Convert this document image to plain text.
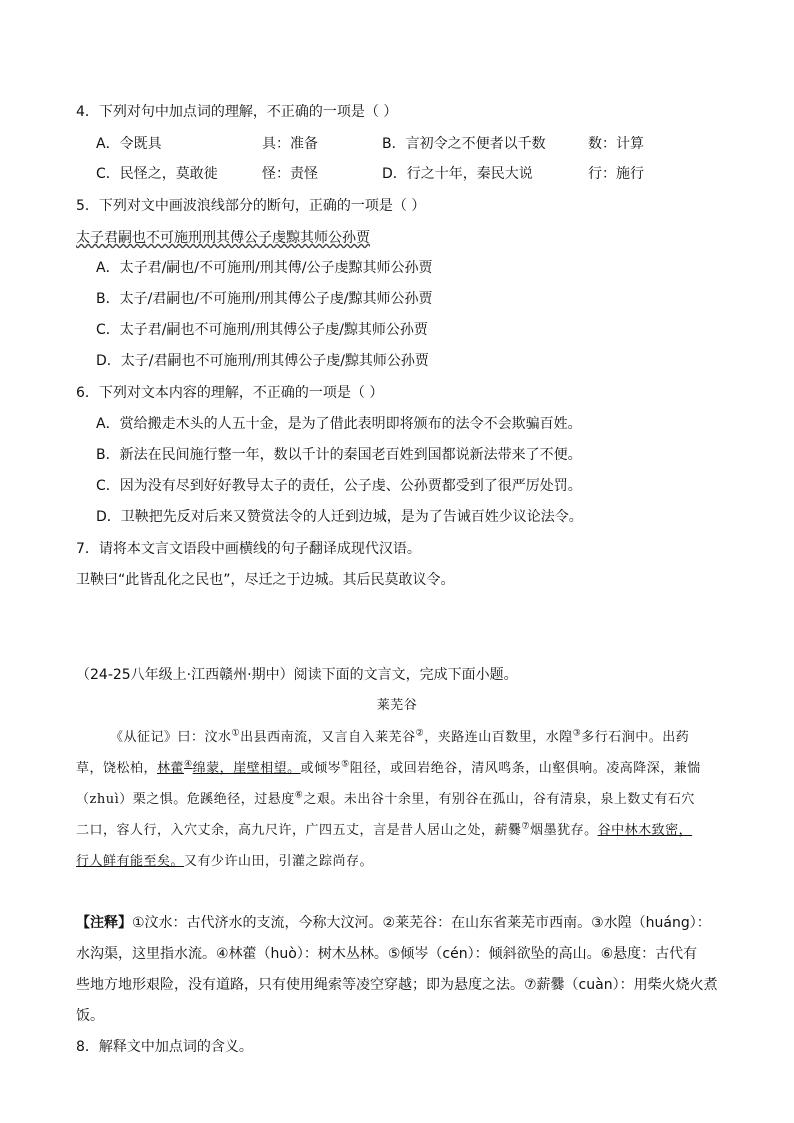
4．下列对句中加点词的理解，不正确的一项是（ ）
A．令既具	具：准备	B．言初令之不便者以千数	数：计算
C．民怪之，莫敢徙	怪：责怪	D．行之十年，秦民大说	行：施行
5．下列对文中画波浪线部分的断句，正确的一项是（ ）
太子君嗣也不可施刑刑其傅公子虔黥其师公孙贾
A．太子君/嗣也/不可施刑/刑其傅/公子虔黥其师公孙贾
B．太子/君嗣也/不可施刑/刑其傅公子虔/黥其师公孙贾
C．太子君/嗣也不可施刑/刑其傅公子虔/黥其师公孙贾
D．太子/君嗣也不可施刑/刑其傅公子虔/黥其师公孙贾
6．下列对文本内容的理解，不正确的一项是（ ）
A．赏给搬走木头的人五十金，是为了借此表明即将颁布的法令不会欺骗百姓。
B．新法在民间施行整一年，数以千计的秦国老百姓到国都说新法带来了不便。
C．因为没有尽到好好教导太子的责任，公子虔、公孙贾都受到了很严厉处罚。
D．卫鞅把先反对后来又赞赏法令的人迁到边城，是为了告诫百姓少议论法令。
7．请将本文言文语段中画横线的句子翻译成现代汉语。
卫鞅曰“此皆乱化之民也”，尽迁之于边城。其后民莫敢议令。
（24-25八年级上·江西赣州·期中）阅读下面的文言文，完成下面小题。
莱芜谷
《从征记》曰：汶水①出县西南流，又言自入莱芜谷②，夹路连山百数里，水隍③多行石涧中。出药
草，饶松柏，林藿④绵蒙，崖壁相望。或倾岑⑤阻径，或回岩绝谷，清风鸣条，山壑俱响。凌高降深，兼惴
（zhuì）栗之惧。危蹊绝径，过悬度⑥之艰。未出谷十余里，有别谷在孤山，谷有清泉，泉上数丈有石穴
二口，容人行，入穴丈余，高九尺许，广四五丈，言是昔人居山之处，薪爨⑦烟墨犹存。谷中林木致密，
行人鲜有能至矣。又有少许山田，引灌之踪尚存。
【注释】①汶水：古代济水的支流，今称大汶河。②莱芜谷：在山东省莱芜市西南。③水隍（huáng）：
水沟渠，这里指水流。④林藿（huò）：树木丛林。⑤倾岑（cén）：倾斜欲坠的高山。⑥悬度：古代有
些地方地形艰险，没有道路，只有使用绳索等凌空穿越；即为悬度之法。⑦薪爨（cuàn）：用柴火烧火煮
饭。
8．解释文中加点词的含义。
